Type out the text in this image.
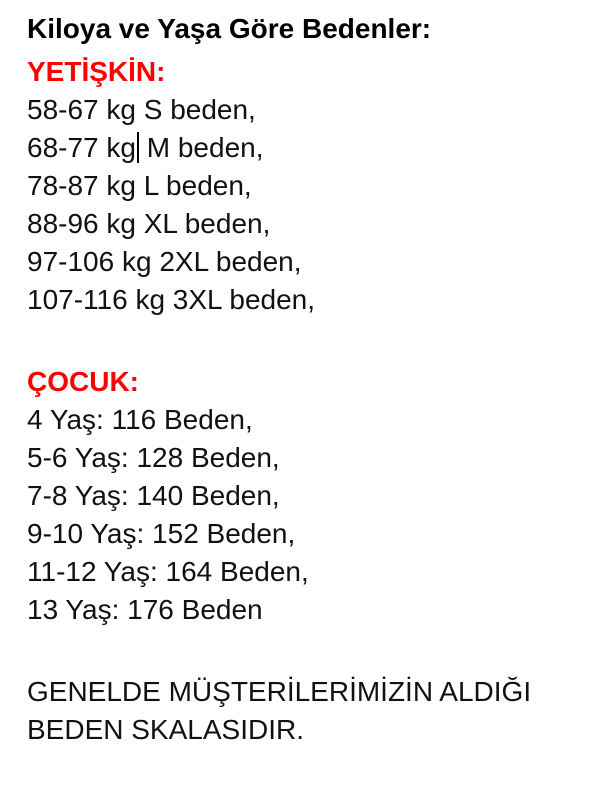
Kiloya ve Yaşa Göre Bedenler:

YETİŞKİN:

58-67 kg S beden,

68-77 kg M beden,

78-87 kg L beden,

88-96 kg XL beden,

97-106 kg 2XL beden,

107-116 kg 3XL beden,

ÇOCUK:

4 Yaş: 116 Beden,

5-6 Yaş: 128 Beden,

7-8 Yaş: 140 Beden,

9-10 Yaş: 152 Beden,

11-12 Yaş: 164 Beden,

13 Yaş: 176 Beden

GENELDE MÜŞTERİLERİMİZİN ALDIĞI BEDEN SKALASIDIR.
